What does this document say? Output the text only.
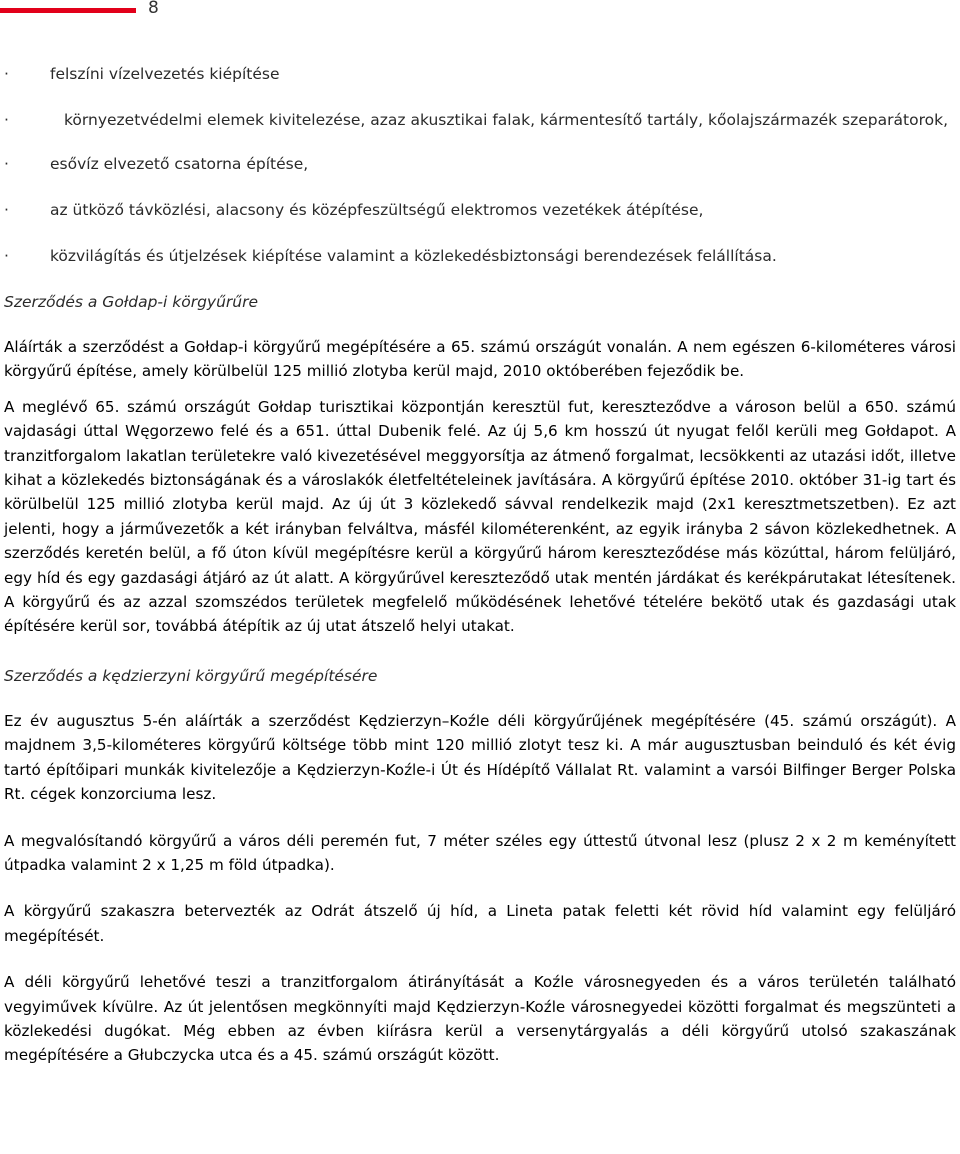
8
·	felszíni vízelvezetés kiépítése
·	környezetvédelmi elemek kivitelezése, azaz akusztikai falak, kármentesítő tartály, kőolajszármazék szeparátorok,
·	esővíz elvezető csatorna építése,
·	az ütköző távközlési, alacsony és középfeszültségű elektromos vezetékek átépítése,
·	közvilágítás és útjelzések kiépítése valamint a közlekedésbiztonsági berendezések felállítása.
Szerződés a Gołdap-i körgyűrűre

Aláírták a szerződést a Gołdap-i körgyűrű megépítésére a 65. számú országút vonalán. A nem egészen 6-kilométeres városi körgyűrű építése, amely körülbelül 125 millió zlotyba kerül majd, 2010 októberében fejeződik be.

A meglévő 65. számú országút Gołdap turisztikai központján keresztül fut, kereszteződve a városon belül a 650. számú vajdasági úttal Węgorzewo felé és a 651. úttal Dubenik felé. Az új 5,6 km hosszú út nyugat felől kerüli meg Gołdapot. A tranzitforgalom lakatlan területekre való kivezetésével meggyorsítja az átmenő forgalmat, lecsökkenti az utazási időt, illetve kihat a közlekedés biztonságának és a városlakók életfeltételeinek javítására. A körgyűrű építése 2010. október 31-ig tart és körülbelül 125 millió zlotyba kerül majd. Az új út 3 közlekedő sávval rendelkezik majd (2x1 keresztmetszetben). Ez azt jelenti, hogy a járművezetők a két irányban felváltva, másfél kilométerenként, az egyik irányba 2 sávon közlekedhetnek. A szerződés keretén belül, a fő úton kívül megépítésre kerül a körgyűrű három kereszteződése más közúttal, három felüljáró, egy híd és egy gazdasági átjáró az út alatt. A körgyűrűvel kereszteződő utak mentén járdákat és kerékpárutakat létesítenek. A körgyűrű és az azzal szomszédos területek megfelelő működésének lehetővé tételére bekötő utak és gazdasági utak építésére kerül sor, továbbá átépítik az új utat átszelő helyi utakat.

Szerződés a kędzierzyni körgyűrű megépítésére

Ez év augusztus 5-én aláírták a szerződést Kędzierzyn–Koźle déli körgyűrűjének megépítésére (45. számú országút). A majdnem 3,5-kilométeres körgyűrű költsége több mint 120 millió zlotyt tesz ki. A már augusztusban beinduló és két évig tartó építőipari munkák kivitelezője a Kędzierzyn-Koźle-i Út és Hídépítő Vállalat Rt. valamint a varsói Bilfinger Berger Polska Rt. cégek konzorciuma lesz.

A megvalósítandó körgyűrű a város déli peremén fut, 7 méter széles egy úttestű útvonal lesz (plusz 2 x 2 m keményített útpadka valamint 2 x 1,25 m föld útpadka).

A körgyűrű szakaszra betervezték az Odrát átszelő új híd, a Lineta patak feletti két rövid híd valamint egy felüljáró megépítését.

A déli körgyűrű lehetővé teszi a tranzitforgalom átirányítását a Koźle városnegyeden és a város területén található vegyiművek kívülre. Az út jelentősen megkönnyíti majd Kędzierzyn-Koźle városnegyedei közötti forgalmat és megszünteti a közlekedési dugókat. Még ebben az évben kiírásra kerül a versenytárgyalás a déli körgyűrű utolsó szakaszának megépítésére a Głubczycka utca és a 45. számú országút között.
